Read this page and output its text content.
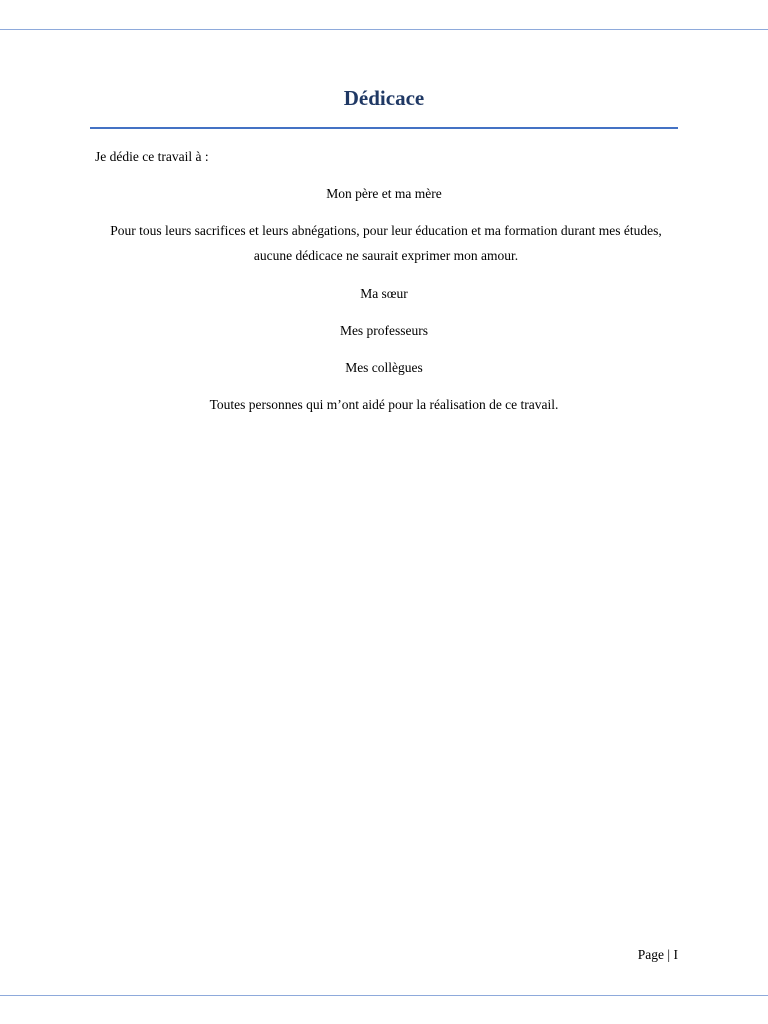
Dédicace
Je dédie ce travail à :
Mon père et ma mère
Pour tous leurs sacrifices et leurs abnégations, pour leur éducation et ma formation durant mes études, aucune dédicace ne saurait exprimer mon amour.
Ma sœur
Mes professeurs
Mes collègues
Toutes personnes qui m’ont aidé pour la réalisation de ce travail.
Page | I
